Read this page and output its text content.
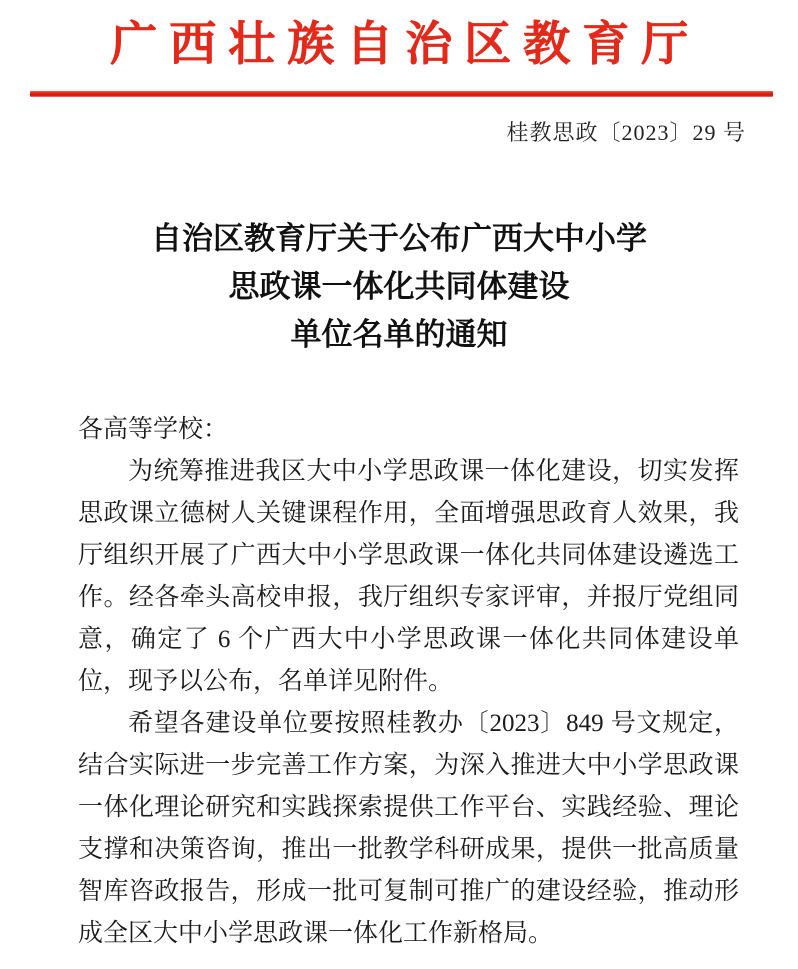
广西壮族自治区教育厅
桂教思政〔2023〕29 号
自治区教育厅关于公布广西大中小学
思政课一体化共同体建设
单位名单的通知

各高等学校：

为统筹推进我区大中小学思政课一体化建设，切实发挥思政课立德树人关键课程作用，全面增强思政育人效果，我厅组织开展了广西大中小学思政课一体化共同体建设遴选工作。经各牵头高校申报，我厅组织专家评审，并报厅党组同意，确定了 6 个广西大中小学思政课一体化共同体建设单位，现予以公布，名单详见附件。

希望各建设单位要按照桂教办〔2023〕849 号文规定，结合实际进一步完善工作方案，为深入推进大中小学思政课一体化理论研究和实践探索提供工作平台、实践经验、理论支撑和决策咨询，推出一批教学科研成果，提供一批高质量智库咨政报告，形成一批可复制可推广的建设经验，推动形成全区大中小学思政课一体化工作新格局。
